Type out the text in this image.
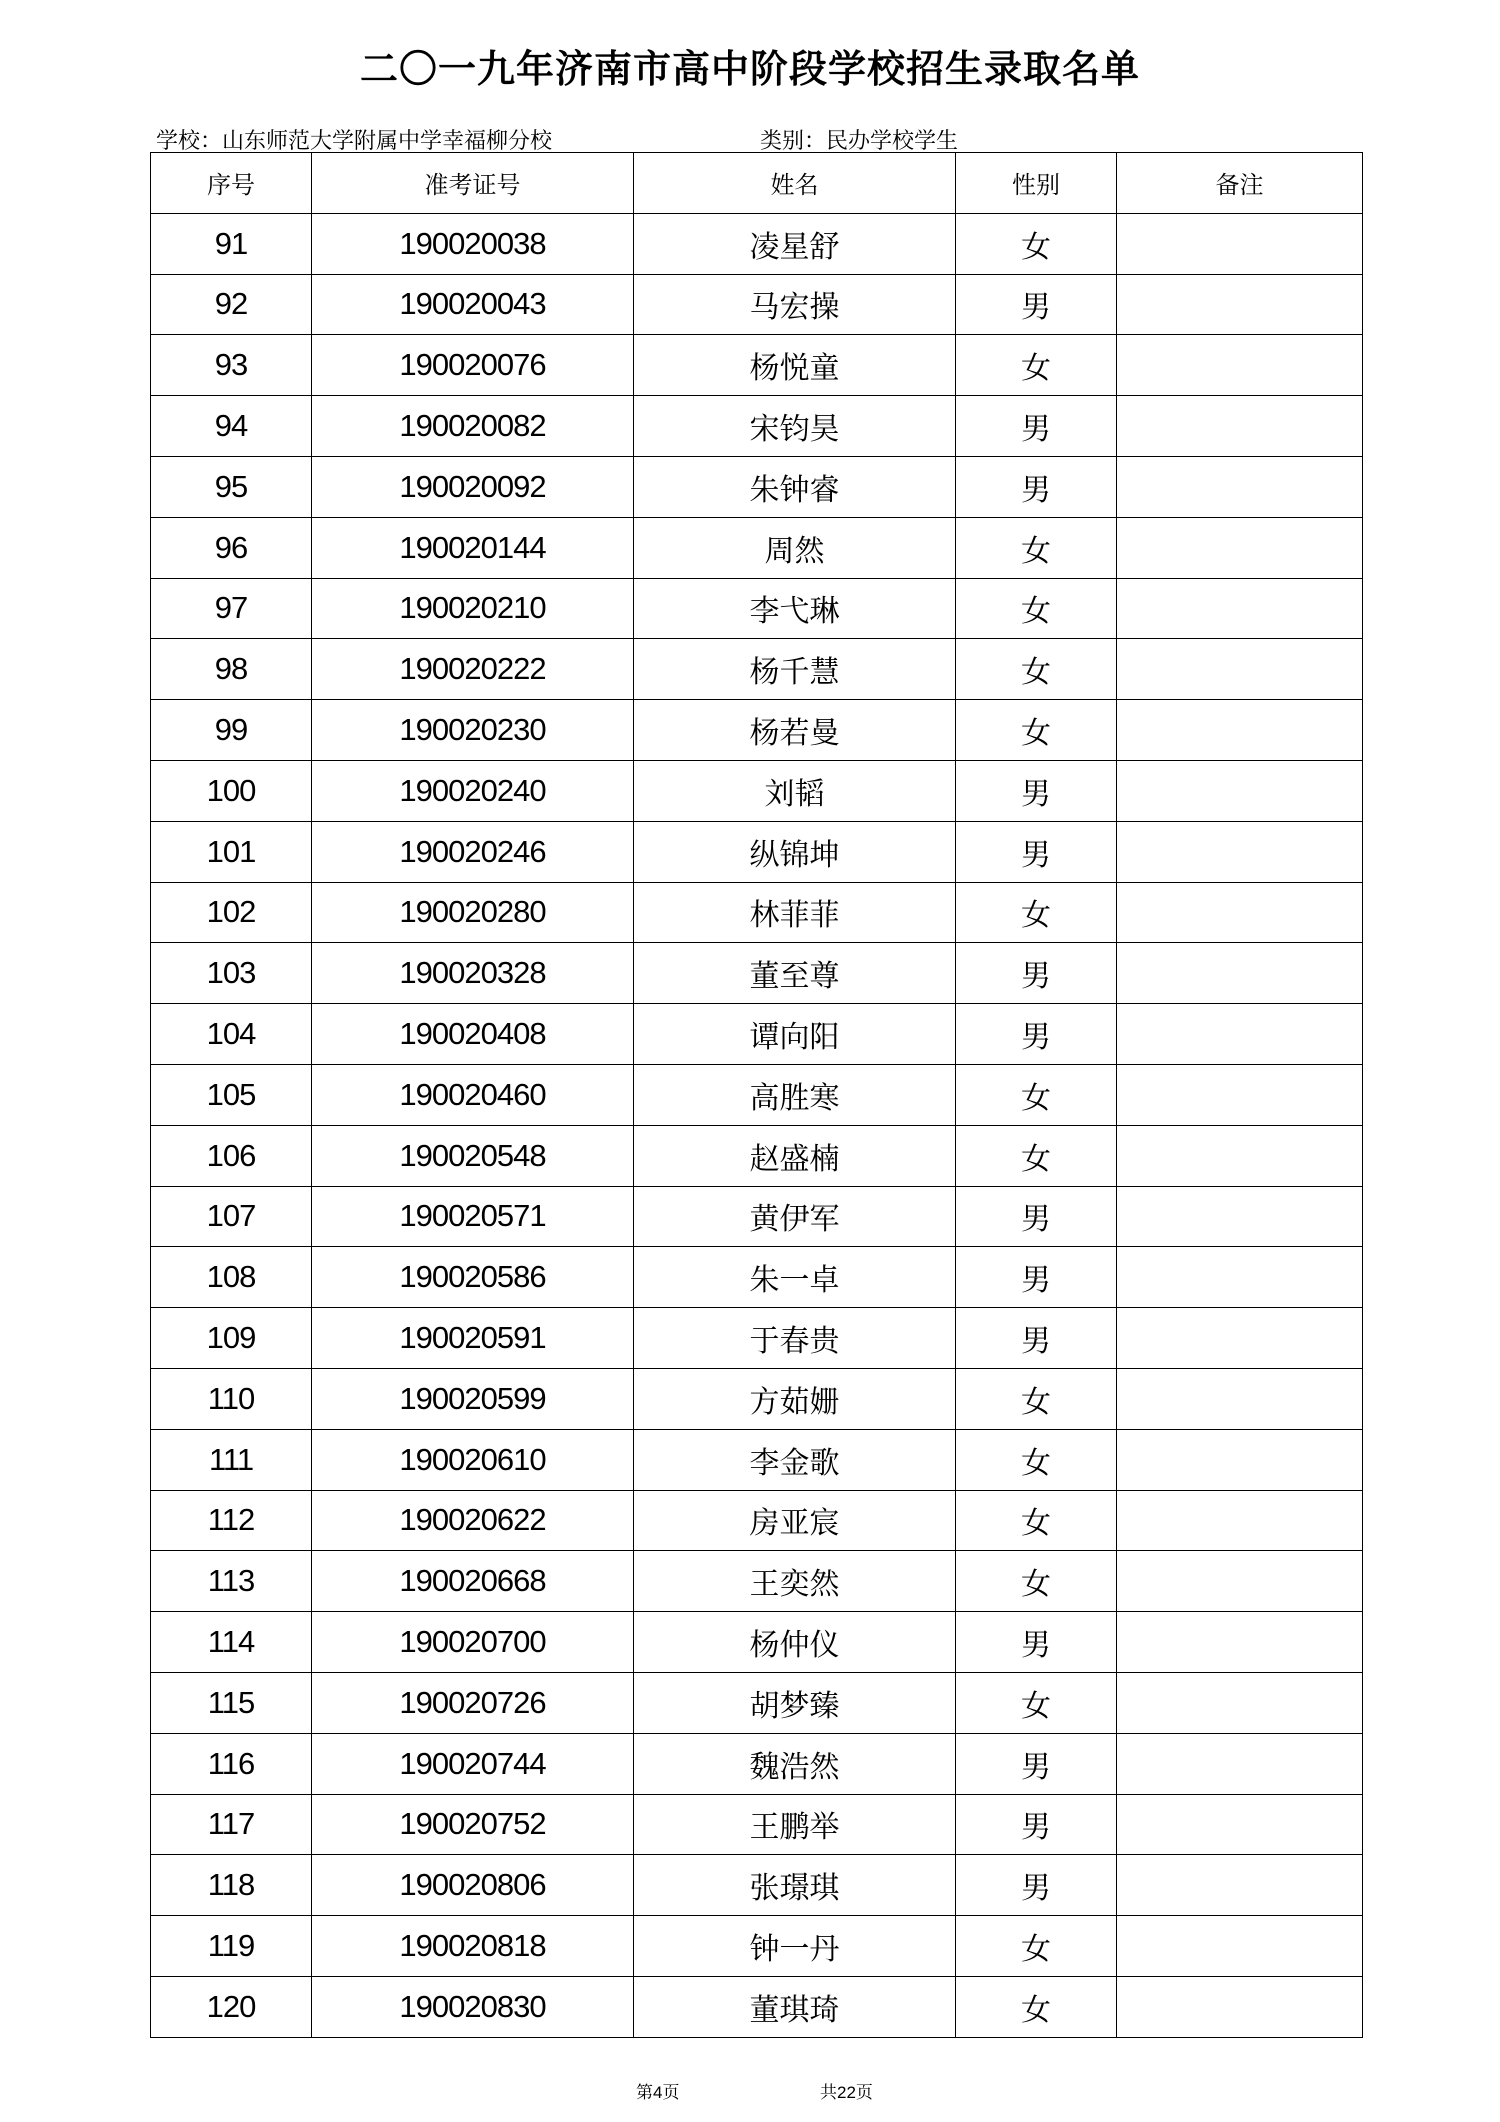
二〇一九年济南市高中阶段学校招生录取名单
学校：山东师范大学附属中学幸福柳分校	类别：民办学校学生
序号	准考证号	姓名	性别	备注
91	190020038	凌星舒	女	
92	190020043	马宏操	男	
93	190020076	杨悦童	女	
94	190020082	宋钧昊	男	
95	190020092	朱钟睿	男	
96	190020144	周然	女	
97	190020210	李弋琳	女	
98	190020222	杨千慧	女	
99	190020230	杨若曼	女	
100	190020240	刘韬	男	
101	190020246	纵锦坤	男	
102	190020280	林菲菲	女	
103	190020328	董至尊	男	
104	190020408	谭向阳	男	
105	190020460	高胜寒	女	
106	190020548	赵盛楠	女	
107	190020571	黄伊军	男	
108	190020586	朱一卓	男	
109	190020591	于春贵	男	
110	190020599	方茹姗	女	
111	190020610	李金歌	女	
112	190020622	房亚宸	女	
113	190020668	王奕然	女	
114	190020700	杨仲仪	男	
115	190020726	胡梦臻	女	
116	190020744	魏浩然	男	
117	190020752	王鹏举	男	
118	190020806	张璟琪	男	
119	190020818	钟一丹	女	
120	190020830	董琪琦	女	
第4页	共22页
